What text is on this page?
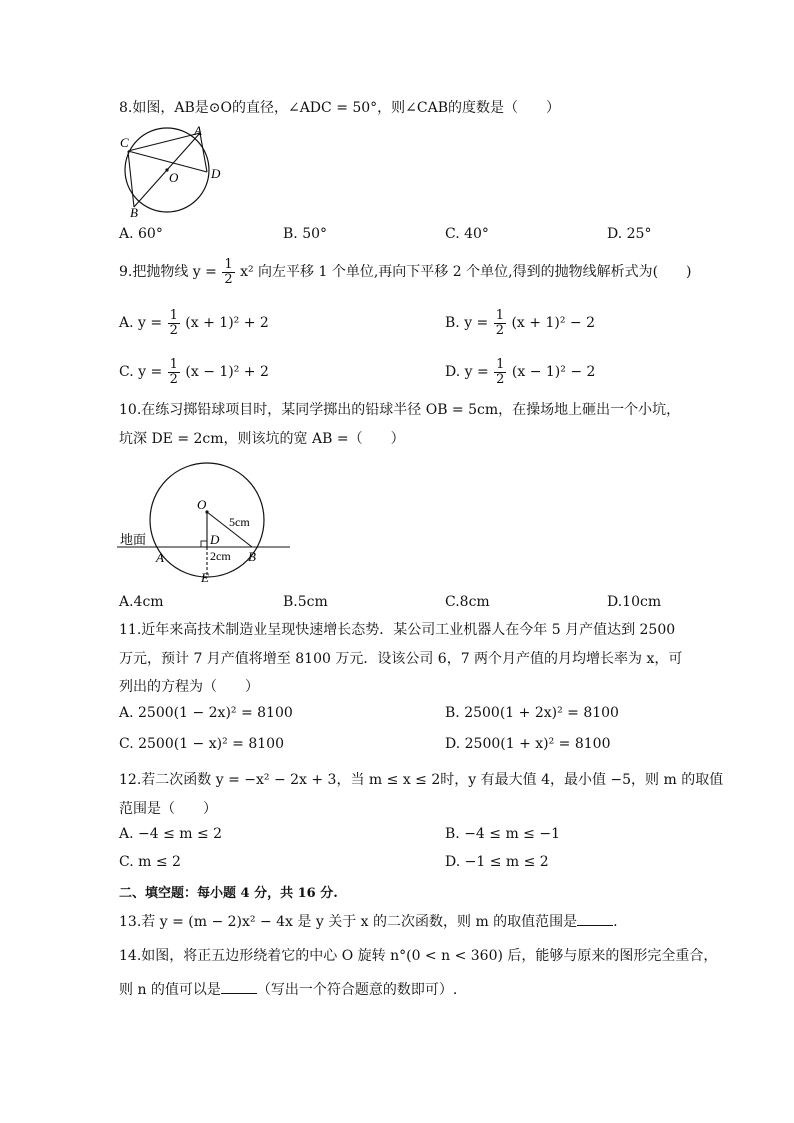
8.如图，AB是⊙O的直径，∠ADC = 50°，则∠CAB的度数是（　　）
C
A
D
O
B
A. 60°	B. 50°	C. 40°	D. 25°
9.把抛物线 $y = \frac{1}{2} x^2$ 向左平移 1 个单位,再向下平移 2 个单位,得到的抛物线解析式为(　　)
A. $y = \frac{1}{2} (x + 1)^2 + 2$	B. $y = \frac{1}{2} (x + 1)^2 - 2$
C. $y = \frac{1}{2} (x - 1)^2 + 2$	D. $y = \frac{1}{2} (x - 1)^2 - 2$
10.在练习掷铅球项目时，某同学掷出的铅球半径 OB = 5cm，在操场地上砸出一个小坑，
坑深 DE = 2cm，则该坑的宽 AB =（　　）
O
5cm
地面	D
2cm
A	B
E
A.4cm	B.5cm	C.8cm	D.10cm
11.近年来高技术制造业呈现快速增长态势．某公司工业机器人在今年 5 月产值达到 2500
万元，预计 7 月产值将增至 8100 万元．设该公司 6，7 两个月产值的月均增长率为 x，可
列出的方程为（　　）
A. 2500(1 − 2x)² = 8100	B. 2500(1 + 2x)² = 8100
C. 2500(1 − x)² = 8100	D. 2500(1 + x)² = 8100
12.若二次函数 y = −x² − 2x + 3，当 m ≤ x ≤ 2时，y 有最大值 4，最小值 −5，则 m 的取值
范围是（　　）
A. −4 ≤ m ≤ 2	B. −4 ≤ m ≤ −1
C. m ≤ 2	D. −1 ≤ m ≤ 2
二、填空题：每小题 4 分，共 16 分.
13.若 y = (m − 2)x² − 4x 是 y 关于 x 的二次函数，则 m 的取值范围是	.
14.如图，将正五边形绕着它的中心 O 旋转 n°(0 < n < 360) 后，能够与原来的图形完全重合，
则 n 的值可以是	（写出一个符合题意的数即可）.
